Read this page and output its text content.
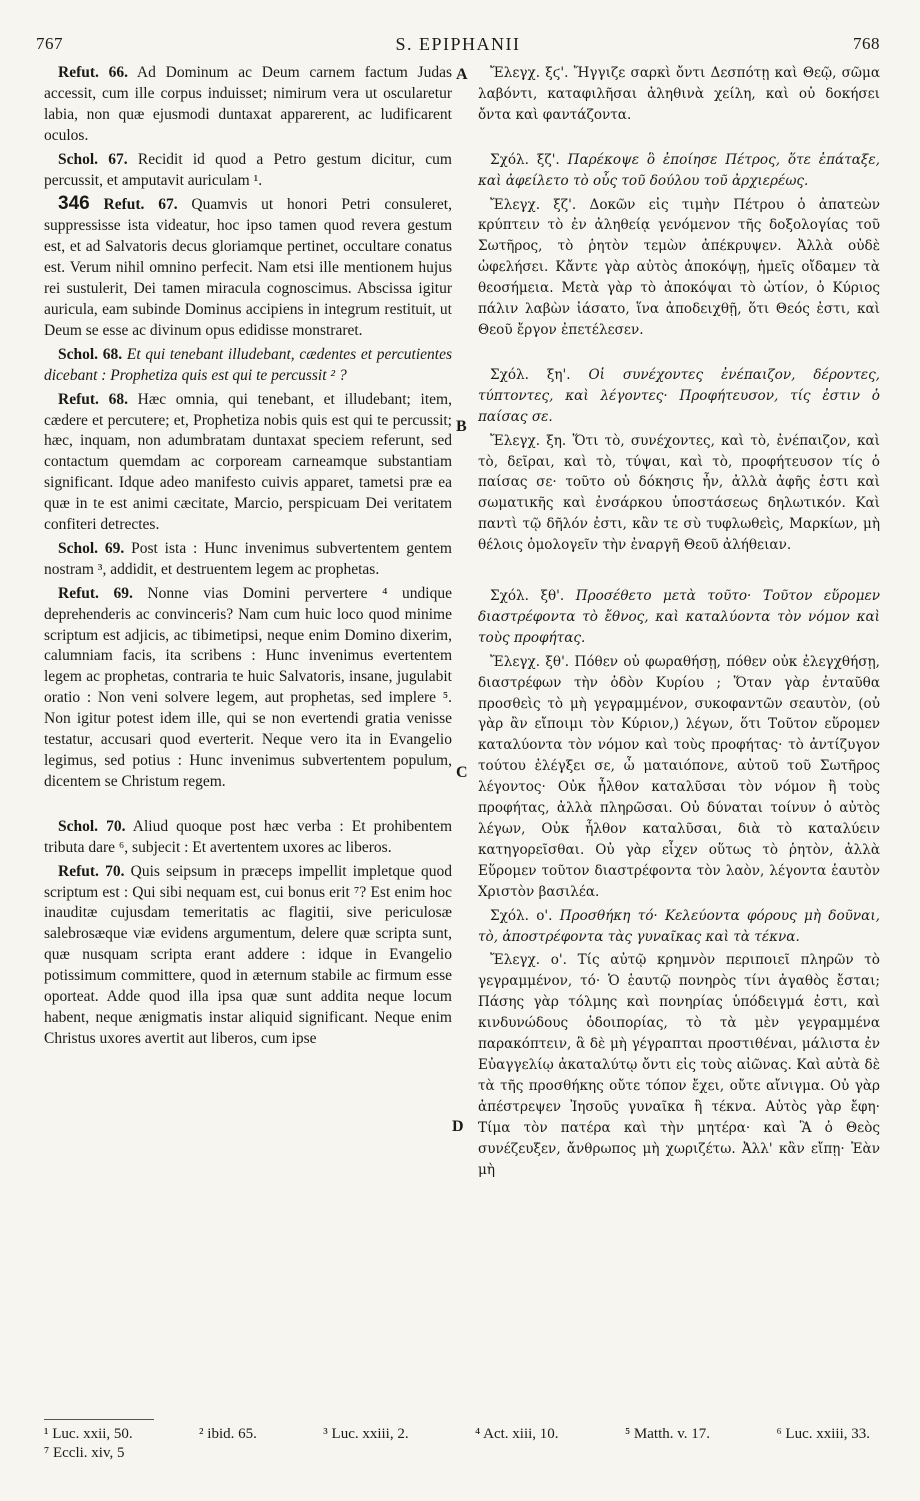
767	S. EPIPHANII	768
A
B
C
D

Refut. 66. Ad Dominum ac Deum carnem factum Judas accessit, cum ille corpus induisset; nimirum vera ut oscularetur labia, non quæ ejusmodi duntaxat apparerent, ac ludificarent oculos.

Schol. 67. Recidit id quod a Petro gestum dicitur, cum percussit, et amputavit auriculam ¹.

346 Refut. 67. Quamvis ut honori Petri consuleret, suppressisse ista videatur, hoc ipso tamen quod revera gestum est, et ad Salvatoris decus gloriamque pertinet, occultare conatus est. Verum nihil omnino perfecit. Nam etsi ille mentionem hujus rei sustulerit, Dei tamen miracula cognoscimus. Abscissa igitur auricula, eam subinde Dominus accipiens in integrum restituit, ut Deum se esse ac divinum opus edidisse monstraret.

Schol. 68. Et qui tenebant illudebant, cædentes et percutientes dicebant : Prophetiza quis est qui te percussit ² ?

Refut. 68. Hæc omnia, qui tenebant, et illudebant; item, cædere et percutere; et, Prophetiza nobis quis est qui te percussit; hæc, inquam, non adumbratam duntaxat speciem referunt, sed contactum quemdam ac corpoream carneamque substantiam significant. Idque adeo manifesto cuivis apparet, tametsi præ ea quæ in te est animi cæcitate, Marcio, perspicuam Dei veritatem confiteri detrectes.

Schol. 69. Post ista : Hunc invenimus subvertentem gentem nostram ³, addidit, et destruentem legem ac prophetas.

Refut. 69. Nonne vias Domini pervertere ⁴ undique deprehenderis ac convinceris? Nam cum huic loco quod minime scriptum est adjicis, ac tibimetipsi, neque enim Domino dixerim, calumniam facis, ita scribens : Hunc invenimus evertentem legem ac prophetas, contraria te huic Salvatoris, insane, jugulabit oratio : Non veni solvere legem, aut prophetas, sed implere ⁵. Non igitur potest idem ille, qui se non evertendi gratia venisse testatur, accusari quod everterit. Neque vero ita in Evangelio legimus, sed potius : Hunc invenimus subvertentem populum, dicentem se Christum regem.

Schol. 70. Aliud quoque post hæc verba : Et prohibentem tributa dare ⁶, subjecit : Et avertentem uxores ac liberos.

Refut. 70. Quis seipsum in præceps impellit impletque quod scriptum est : Qui sibi nequam est, cui bonus erit ⁷? Est enim hoc inauditæ cujusdam temeritatis ac flagitii, sive periculosæ salebrosæque viæ evidens argumentum, delere quæ scripta sunt, quæ nusquam scripta erant addere : idque in Evangelio potissimum committere, quod in æternum stabile ac firmum esse oporteat. Adde quod illa ipsa quæ sunt addita neque locum habent, neque ænigmatis instar aliquid significant. Neque enim Christus uxores avertit aut liberos, cum ipse

Ἔλεγχ. ξϛ'. Ἤγγιζε σαρκὶ ὄντι Δεσπότῃ καὶ Θεῷ, σῶμα λαβόντι, καταφιλῆσαι ἀληθινὰ χείλη, καὶ οὐ δοκήσει ὄντα καὶ φαντάζοντα.

Σχόλ. ξζ'. Παρέκοψε ὃ ἐποίησε Πέτρος, ὅτε ἐπάταξε, καὶ ἀφείλετο τὸ οὖς τοῦ δούλου τοῦ ἀρχιερέως.

Ἔλεγχ. ξζ'. Δοκῶν εἰς τιμὴν Πέτρου ὁ ἀπατεὼν κρύπτειν τὸ ἐν ἀληθείᾳ γενόμενον τῆς δοξολογίας τοῦ Σωτῆρος, τὸ ῥητὸν τεμὼν ἀπέκρυψεν. Ἀλλὰ οὐδὲ ὠφελήσει. Κἄντε γὰρ αὐτὸς ἀποκόψῃ, ἡμεῖς οἴδαμεν τὰ θεοσήμεια. Μετὰ γὰρ τὸ ἀποκόψαι τὸ ὠτίον, ὁ Κύριος πάλιν λαβὼν ἰάσατο, ἵνα ἀποδειχθῇ, ὅτι Θεός ἐστι, καὶ Θεοῦ ἔργον ἐπετέλεσεν.

Σχόλ. ξη'. Οἱ συνέχοντες ἐνέπαιζον, δέροντες, τύπτοντες, καὶ λέγοντες· Προφήτευσον, τίς ἐστιν ὁ παίσας σε.

Ἔλεγχ. ξη. Ὅτι τὸ, συνέχοντες, καὶ τὸ, ἐνέπαιζον, καὶ τὸ, δεῖραι, καὶ τὸ, τύψαι, καὶ τὸ, προφήτευσον τίς ὁ παίσας σε· τοῦτο οὐ δόκησις ἦν, ἀλλὰ ἀφῆς ἐστι καὶ σωματικῆς καὶ ἐνσάρκου ὑποστάσεως δηλωτικόν. Καὶ παντὶ τῷ δῆλόν ἐστι, κἂν τε σὺ τυφλωθεὶς, Μαρκίων, μὴ θέλοις ὁμολογεῖν τὴν ἐναργῆ Θεοῦ ἀλήθειαν.

Σχόλ. ξθ'. Προσέθετο μετὰ τοῦτο· Τοῦτον εὕρομεν διαστρέφοντα τὸ ἔθνος, καὶ καταλύοντα τὸν νόμον καὶ τοὺς προφήτας.

Ἔλεγχ. ξθ'. Πόθεν οὐ φωραθήσῃ, πόθεν οὐκ ἐλεγχθήσῃ, διαστρέφων τὴν ὁδὸν Κυρίου ; Ὅταν γὰρ ἐνταῦθα προσθεὶς τὸ μὴ γεγραμμένον, συκοφαντῶν σεαυτὸν, (οὐ γὰρ ἂν εἴποιμι τὸν Κύριον,) λέγων, ὅτι Τοῦτον εὕρομεν καταλύοντα τὸν νόμον καὶ τοὺς προφήτας· τὸ ἀντίζυγον τούτου ἐλέγξει σε, ὦ ματαιόπονε, αὐτοῦ τοῦ Σωτῆρος λέγοντος· Οὐκ ἦλθον καταλῦσαι τὸν νόμον ἢ τοὺς προφήτας, ἀλλὰ πληρῶσαι. Οὐ δύναται τοίνυν ὁ αὐτὸς λέγων, Οὐκ ἦλθον καταλῦσαι, διὰ τὸ καταλύειν κατηγορεῖσθαι. Οὐ γὰρ εἶχεν οὕτως τὸ ῥητὸν, ἀλλὰ Εὕρομεν τοῦτον διαστρέφοντα τὸν λαὸν, λέγοντα ἑαυτὸν Χριστὸν βασιλέα.

Σχόλ. ο'. Προσθήκη τό· Κελεύοντα φόρους μὴ δοῦναι, τὸ, ἀποστρέφοντα τὰς γυναῖκας καὶ τὰ τέκνα.

Ἔλεγχ. ο'. Τίς αὐτῷ κρημνὸν περιποιεῖ πληρῶν τὸ γεγραμμένον, τό· Ὁ ἑαυτῷ πονηρὸς τίνι ἀγαθὸς ἔσται; Πάσης γὰρ τόλμης καὶ πονηρίας ὑπόδειγμά ἐστι, καὶ κινδυνώδους ὁδοιπορίας, τὸ τὰ μὲν γεγραμμένα παρακόπτειν, ἃ δὲ μὴ γέγραπται προστιθέναι, μάλιστα ἐν Εὐαγγελίῳ ἀκαταλύτῳ ὄντι εἰς τοὺς αἰῶνας. Καὶ αὐτὰ δὲ τὰ τῆς προσθήκης οὔτε τόπον ἔχει, οὔτε αἴνιγμα. Οὐ γὰρ ἀπέστρεψεν Ἰησοῦς γυναῖκα ἢ τέκνα. Αὐτὸς γὰρ ἔφη· Τίμα τὸν πατέρα καὶ τὴν μητέρα· καὶ Ἃ ὁ Θεὸς συνέζευξεν, ἄνθρωπος μὴ χωριζέτω. Ἀλλ' κἂν εἴπῃ· Ἐὰν μὴ

¹ Luc. xxii, 50.	² ibid. 65.	³ Luc. xxiii, 2.	⁴ Act. xiii, 10.	⁵ Matth. v. 17.	⁶ Luc. xxiii, 33.
⁷ Eccli. xiv, 5
